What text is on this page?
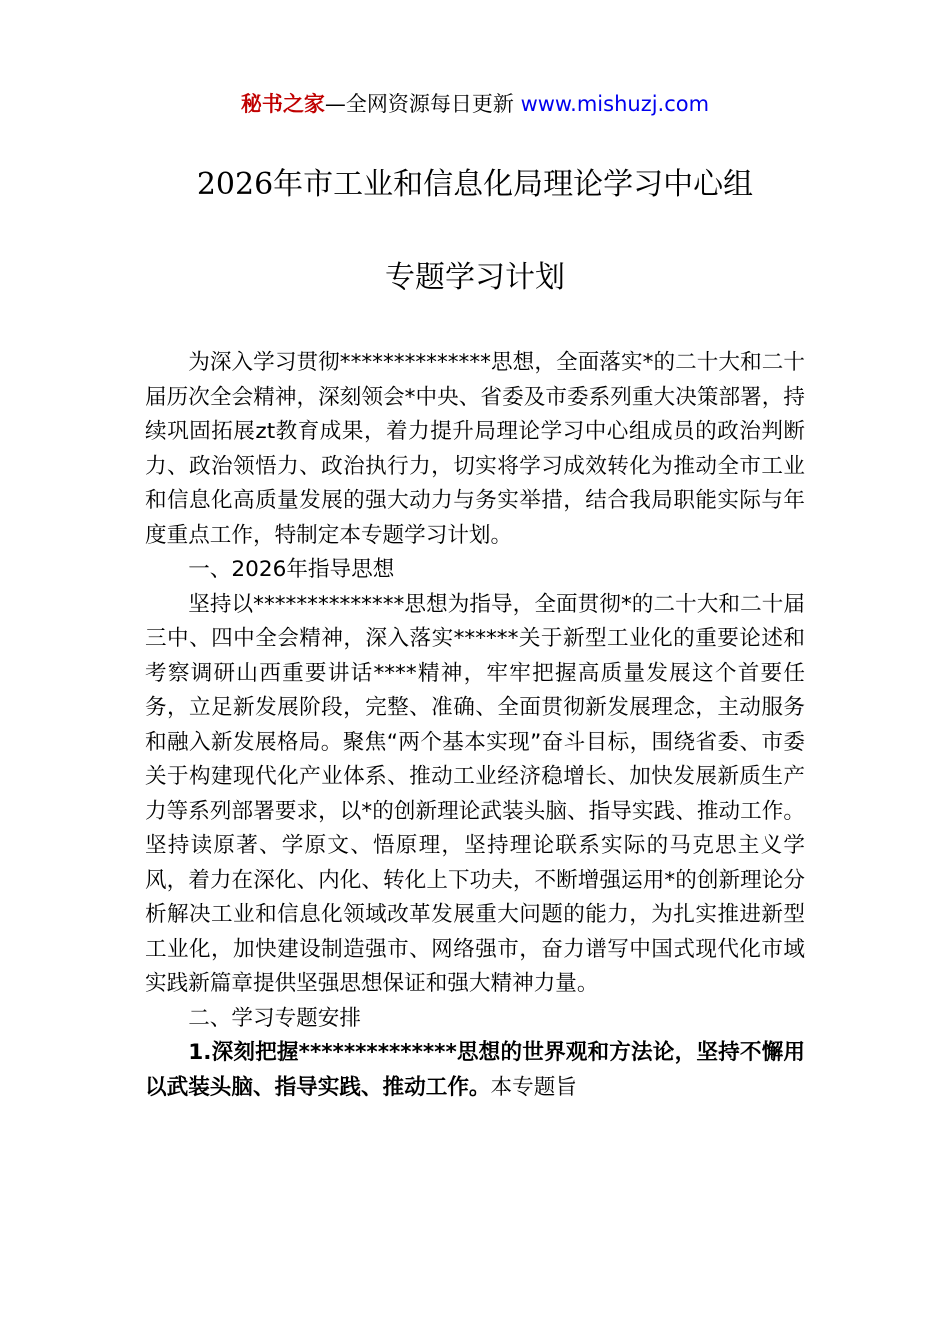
秘书之家—全网资源每日更新 www.mishuzj.com
2026年市工业和信息化局理论学习中心组
专题学习计划

为深入学习贯彻**************思想，全面落实*的二十大和二十届历次全会精神，深刻领会*中央、省委及市委系列重大决策部署，持续巩固拓展zt教育成果，着力提升局理论学习中心组成员的政治判断力、政治领悟力、政治执行力，切实将学习成效转化为推动全市工业和信息化高质量发展的强大动力与务实举措，结合我局职能实际与年度重点工作，特制定本专题学习计划。

一、2026年指导思想

坚持以**************思想为指导，全面贯彻*的二十大和二十届三中、四中全会精神，深入落实******关于新型工业化的重要论述和考察调研山西重要讲话****精神，牢牢把握高质量发展这个首要任务，立足新发展阶段，完整、准确、全面贯彻新发展理念，主动服务和融入新发展格局。聚焦“两个基本实现”奋斗目标，围绕省委、市委关于构建现代化产业体系、推动工业经济稳增长、加快发展新质生产力等系列部署要求，以*的创新理论武装头脑、指导实践、推动工作。坚持读原著、学原文、悟原理，坚持理论联系实际的马克思主义学风，着力在深化、内化、转化上下功夫，不断增强运用*的创新理论分析解决工业和信息化领域改革发展重大问题的能力，为扎实推进新型工业化，加快建设制造强市、网络强市，奋力谱写中国式现代化市域实践新篇章提供坚强思想保证和强大精神力量。

二、学习专题安排

1.深刻把握**************思想的世界观和方法论，坚持不懈用以武装头脑、指导实践、推动工作。本专题旨
